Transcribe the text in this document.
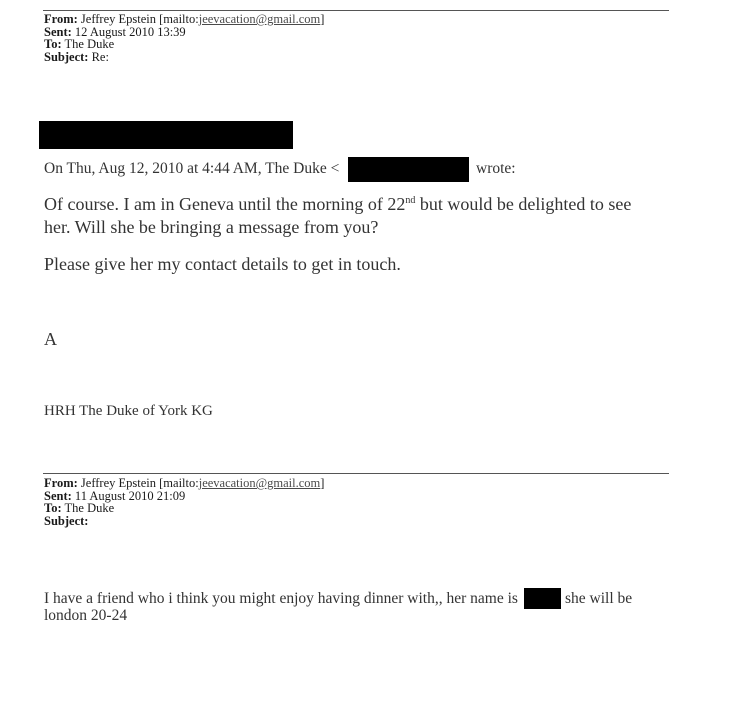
From: Jeffrey Epstein [mailto:jeevacation@gmail.com]
Sent: 12 August 2010 13:39
To: The Duke
Subject: Re:
On Thu, Aug 12, 2010 at 4:44 AM, The Duke <	wrote:
Of course. I am in Geneva until the morning of 22nd but would be delighted to see
her. Will she be bringing a message from you?
Please give her my contact details to get in touch.
A
HRH The Duke of York KG
From: Jeffrey Epstein [mailto:jeevacation@gmail.com]
Sent: 11 August 2010 21:09
To: The Duke
Subject:
I have a friend who i think you might enjoy having dinner with,, her name is	she will be
london 20-24
